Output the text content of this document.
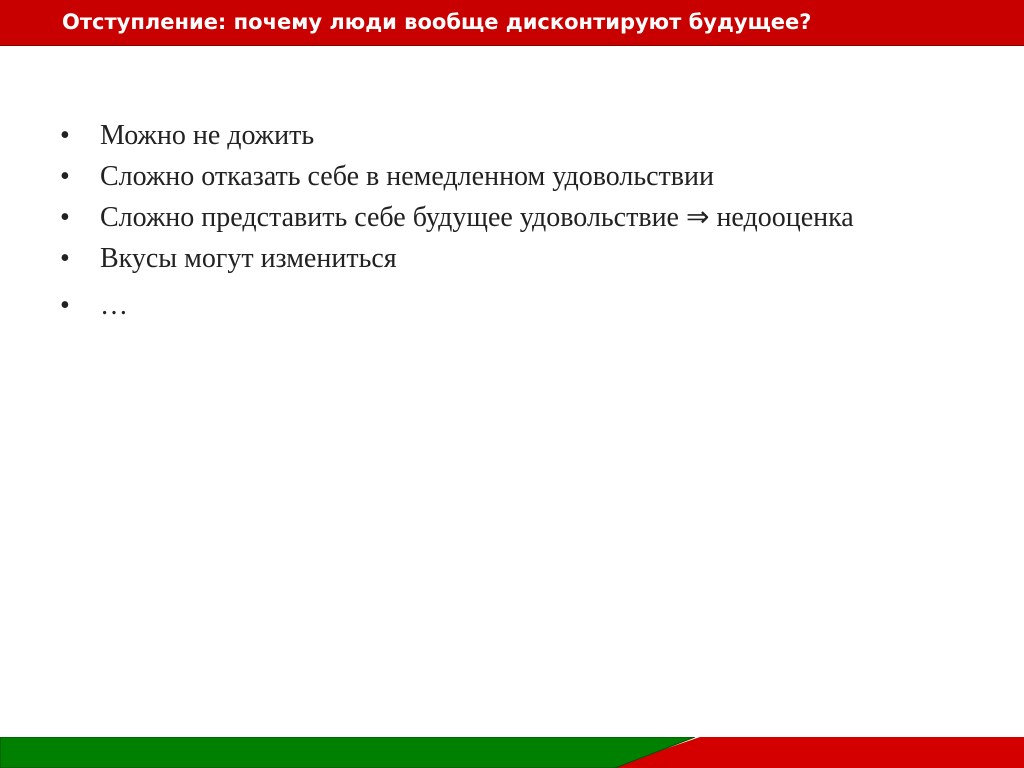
Отступление: почему люди вообще дисконтируют будущее?
•	Можно не дожить
•	Сложно отказать себе в немедленном удовольствии
•	Сложно представить себе будущее удовольствие ⇒ недооценка
•	Вкусы могут измениться
•	…
